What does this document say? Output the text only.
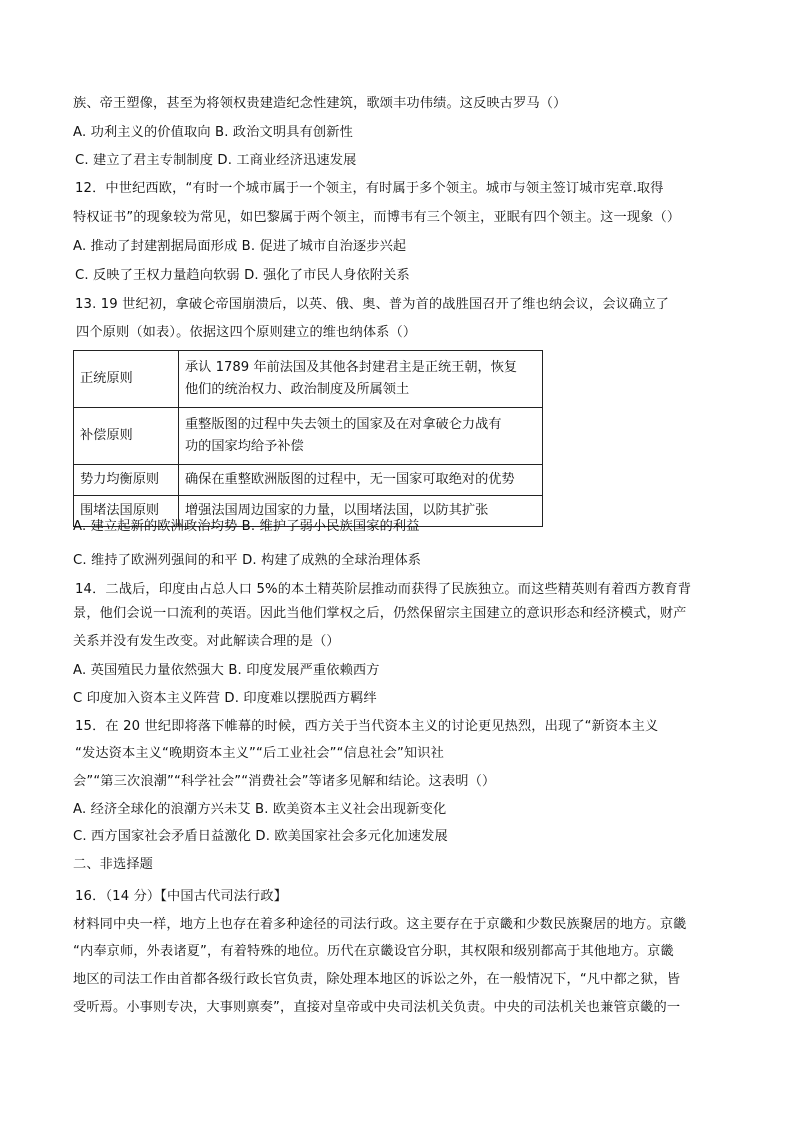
族、帝王塑像，甚至为将领权贵建造纪念性建筑，歌颂丰功伟绩。这反映古罗马（）
A. 功利主义的价值取向 B. 政治文明具有创新性
C. 建立了君主专制制度 D. 工商业经济迅速发展
12．中世纪西欧，“有时一个城市属于一个领主，有时属于多个领主。城市与领主签订城市宪章.取得
特权证书”的现象较为常见，如巴黎属于两个领主，而博韦有三个领主，亚眠有四个领主。这一现象（）
A. 推动了封建割据局面形成 B. 促进了城市自治逐步兴起
C. 反映了王权力量趋向软弱 D. 强化了市民人身依附关系
13. 19 世纪初，拿破仑帝国崩溃后，以英、俄、奥、普为首的战胜国召开了维也纳会议，会议确立了
四个原则（如表）。依据这四个原则建立的维也纳体系（）
正统原则	承认 1789 年前法国及其他各封建君主是正统王朝，恢复
他们的统治权力、政治制度及所属领土

补偿原则	重整版图的过程中失去领土的国家及在对拿破仑力战有
功的国家均给予补偿

势力均衡原则	确保在重整欧洲版图的过程中，无一国家可取绝对的优势
围堵法国原则	增强法国周边国家的力量，以围堵法国，以防其扩张
A. 建立起新的欧洲政治均势 B. 维护了弱小民族国家的利益
C. 维持了欧洲列强间的和平 D. 构建了成熟的全球治理体系
14．二战后，印度由占总人口 5%的本土精英阶层推动而获得了民族独立。而这些精英则有着西方教育背
景，他们会说一口流利的英语。因此当他们掌权之后，仍然保留宗主国建立的意识形态和经济模式，财产
关系并没有发生改变。对此解读合理的是（）
A. 英国殖民力量依然强大 B. 印度发展严重依赖西方
C 印度加入资本主义阵营 D. 印度难以摆脱西方羁绊
15．在 20 世纪即将落下帷幕的时候，西方关于当代资本主义的讨论更见热烈，出现了“新资本主义
“发达资本主义“晚期资本主义”“后工业社会”“信息社会”知识社
会”“第三次浪潮”“科学社会”“消费社会”等诸多见解和结论。这表明（）
A. 经济全球化的浪潮方兴未艾 B. 欧美资本主义社会出现新变化
C. 西方国家社会矛盾日益激化 D. 欧美国家社会多元化加速发展
二、非选择题
16．（14 分）【中国古代司法行政】
材料同中央一样，地方上也存在着多种途径的司法行政。这主要存在于京畿和少数民族聚居的地方。京畿
“内奉京师，外表诸夏”，有着特殊的地位。历代在京畿设官分职，其权限和级别都高于其他地方。京畿
地区的司法工作由首都各级行政长官负责，除处理本地区的诉讼之外，在一般情况下，“凡中都之狱，皆
受听焉。小事则专决，大事则禀奏”，直接对皇帝或中央司法机关负责。中央的司法机关也兼管京畿的一
